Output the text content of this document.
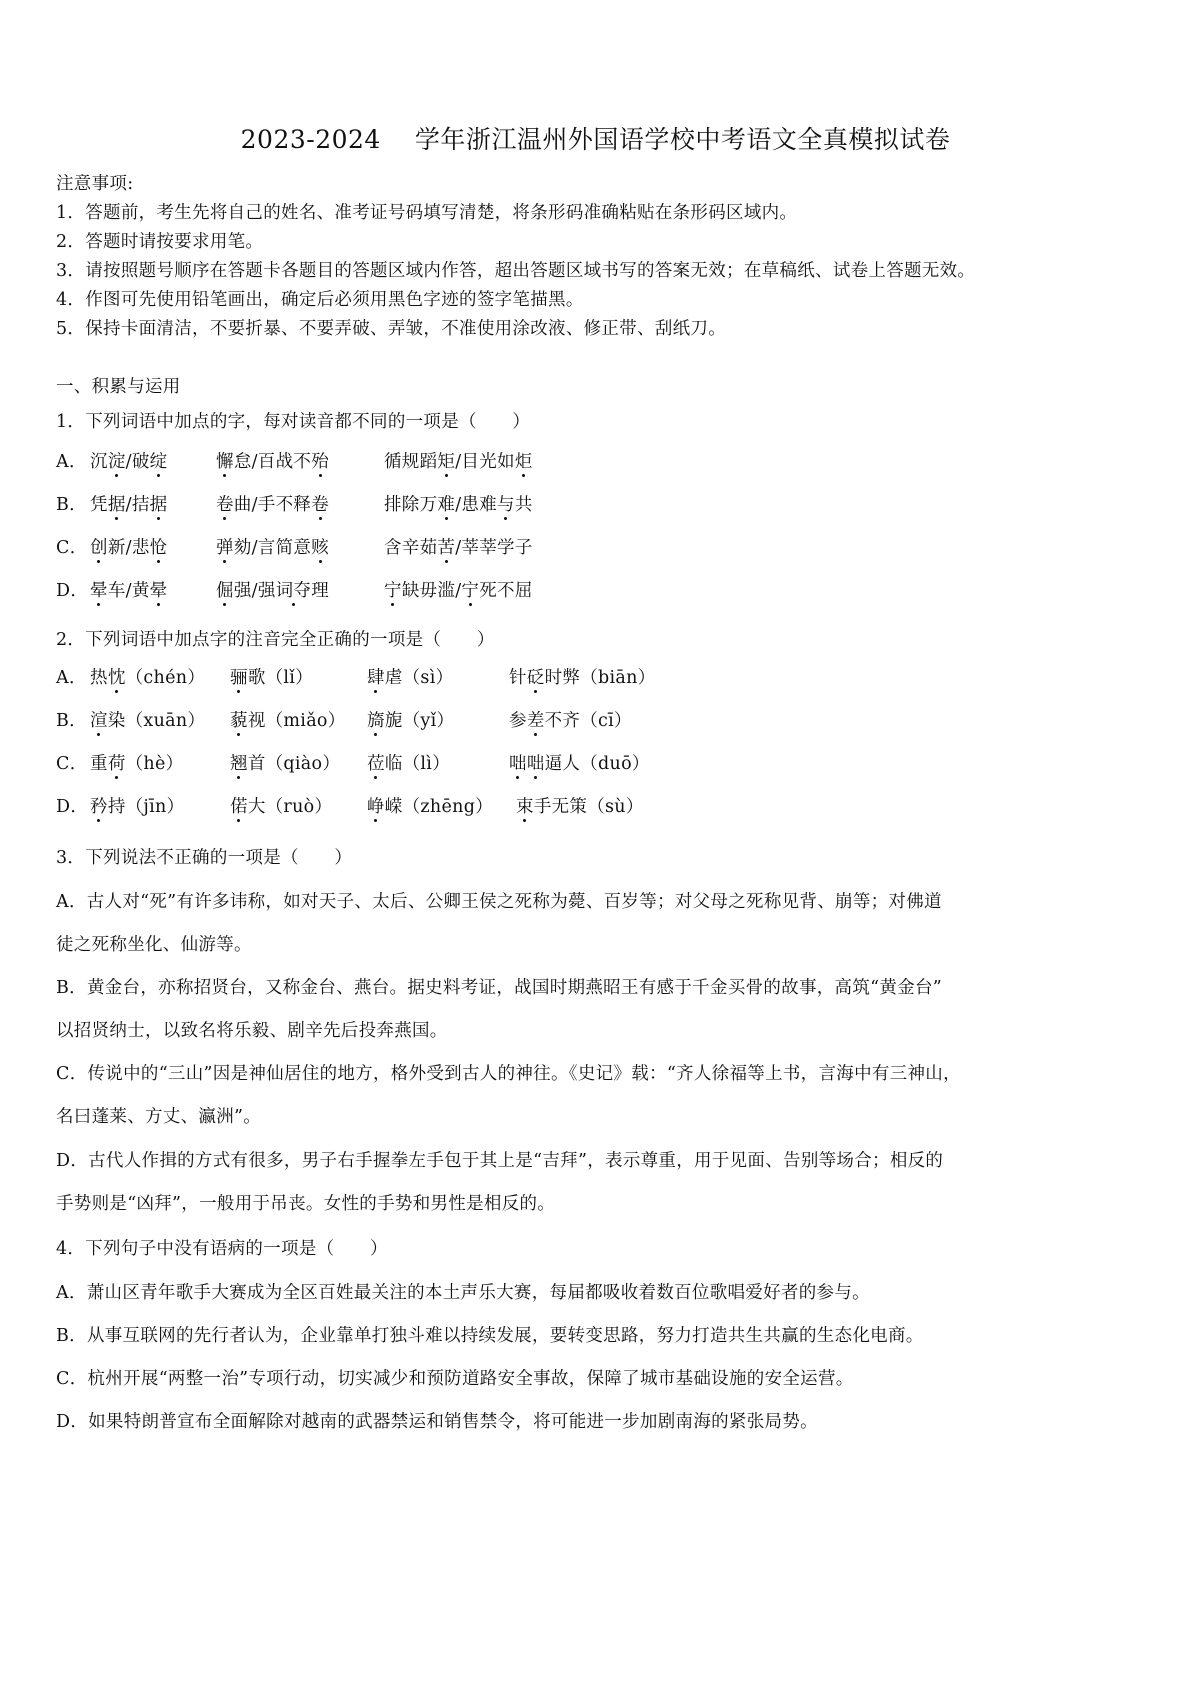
2023-2024 学年浙江温州外国语学校中考语文全真模拟试卷
注意事项:
1．答题前，考生先将自己的姓名、准考证号码填写清楚，将条形码准确粘贴在条形码区域内。
2．答题时请按要求用笔。
3．请按照题号顺序在答题卡各题目的答题区域内作答，超出答题区域书写的答案无效；在草稿纸、试卷上答题无效。
4．作图可先使用铅笔画出，确定后必须用黑色字迹的签字笔描黑。
5．保持卡面清洁，不要折暴、不要弄破、弄皱，不准使用涂改液、修正带、刮纸刀。
一、积累与运用
1．下列词语中加点的字，每对读音都不同的一项是（　　）
A． 沉淀/破绽	懈怠/百战不殆	循规蹈矩/目光如炬
B． 凭据/拮据	卷曲/手不释卷	排除万难/患难与共
C． 创新/悲怆	弹劾/言简意赅	含辛茹苦/莘莘学子
D． 晕车/黄晕	倔强/强词夺理	宁缺毋滥/宁死不屈
2．下列词语中加点字的注音完全正确的一项是（　　）
A． 热忱（chén） 骊歌（lǐ）	肆虐（sì）	针砭时弊（biān）
B． 渲染（xuān） 藐视（miǎo） 旖旎（yǐ）	参差不齐（cī）
C． 重荷（hè）	翘首（qiào） 莅临（lì）	咄咄逼人（duō）
D． 矜持（jīn）	偌大（ruò） 峥嵘（zhēng） 束手无策（sù）
3．下列说法不正确的一项是（　　）
A．古人对“死”有许多讳称，如对天子、太后、公卿王侯之死称为薨、百岁等；对父母之死称见背、崩等；对佛道
徒之死称坐化、仙游等。
B．黄金台，亦称招贤台，又称金台、燕台。据史料考证，战国时期燕昭王有感于千金买骨的故事，高筑“黄金台”
以招贤纳士，以致名将乐毅、剧辛先后投奔燕国。
C．传说中的“三山”因是神仙居住的地方，格外受到古人的神往。《史记》载：“齐人徐福等上书，言海中有三神山，
名曰蓬莱、方丈、瀛洲”。
D．古代人作揖的方式有很多，男子右手握拳左手包于其上是“吉拜”，表示尊重，用于见面、告别等场合；相反的
手势则是“凶拜”，一般用于吊丧。女性的手势和男性是相反的。
4．下列句子中没有语病的一项是（　　）
A．萧山区青年歌手大赛成为全区百姓最关注的本土声乐大赛，每届都吸收着数百位歌唱爱好者的参与。
B．从事互联网的先行者认为，企业靠单打独斗难以持续发展，要转变思路，努力打造共生共赢的生态化电商。
C．杭州开展“两整一治”专项行动，切实减少和预防道路安全事故，保障了城市基础设施的安全运营。
D．如果特朗普宣布全面解除对越南的武器禁运和销售禁令，将可能进一步加剧南海的紧张局势。
